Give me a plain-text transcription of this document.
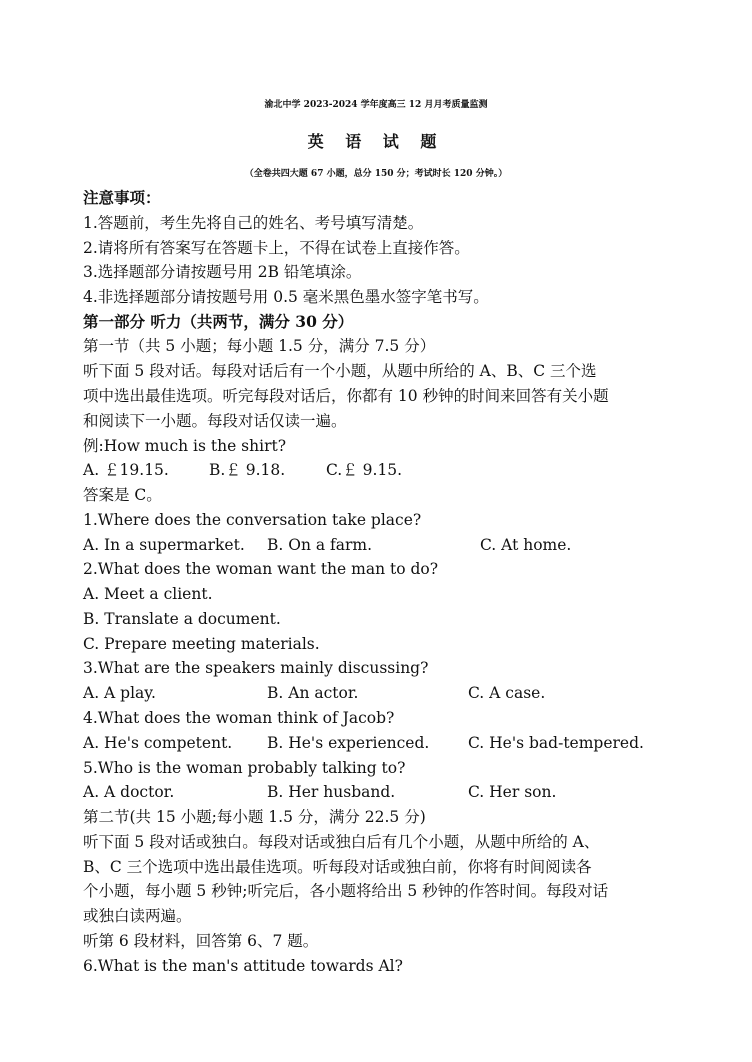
渝北中学 2023-2024 学年度高三 12 月月考质量监测
英 语 试 题
（全卷共四大题 67 小题，总分 150 分；考试时长 120 分钟。）
注意事项：
1.答题前，考生先将自己的姓名、考号填写清楚。
2.请将所有答案写在答题卡上，不得在试卷上直接作答。
3.选择题部分请按题号用 2B 铅笔填涂。
4.非选择题部分请按题号用 0.5 毫米黑色墨水签字笔书写。
第一部分 听力（共两节，满分 30 分）
第一节（共 5 小题；每小题 1.5 分，满分 7.5 分）
听下面 5 段对话。每段对话后有一个小题，从题中所给的 A、B、C 三个选
项中选出最佳选项。听完每段对话后，你都有 10 秒钟的时间来回答有关小题
和阅读下一小题。每段对话仅读一遍。
例:How much is the shirt?
A. ￡19.15.	B.￡ 9.18.	C.￡ 9.15.
答案是 C。
1.Where does the conversation take place?
A. In a supermarket. B. On a farm.	C. At home.
2.What does the woman want the man to do?
A. Meet a client.
B. Translate a document.
C. Prepare meeting materials.
3.What are the speakers mainly discussing?
A. A play.	B. An actor.	C. A case.
4.What does the woman think of Jacob?
A. He's competent. B. He's experienced. C. He's bad-tempered.
5.Who is the woman probably talking to?
A. A doctor.	B. Her husband.	C. Her son.
第二节(共 15 小题;每小题 1.5 分，满分 22.5 分)
听下面 5 段对话或独白。每段对话或独白后有几个小题，从题中所给的 A、
B、C 三个选项中选出最佳选项。听每段对话或独白前，你将有时间阅读各
个小题，每小题 5 秒钟;听完后，各小题将给出 5 秒钟的作答时间。每段对话
或独白读两遍。
听第 6 段材料，回答第 6、7 题。
6.What is the man's attitude towards Al?
